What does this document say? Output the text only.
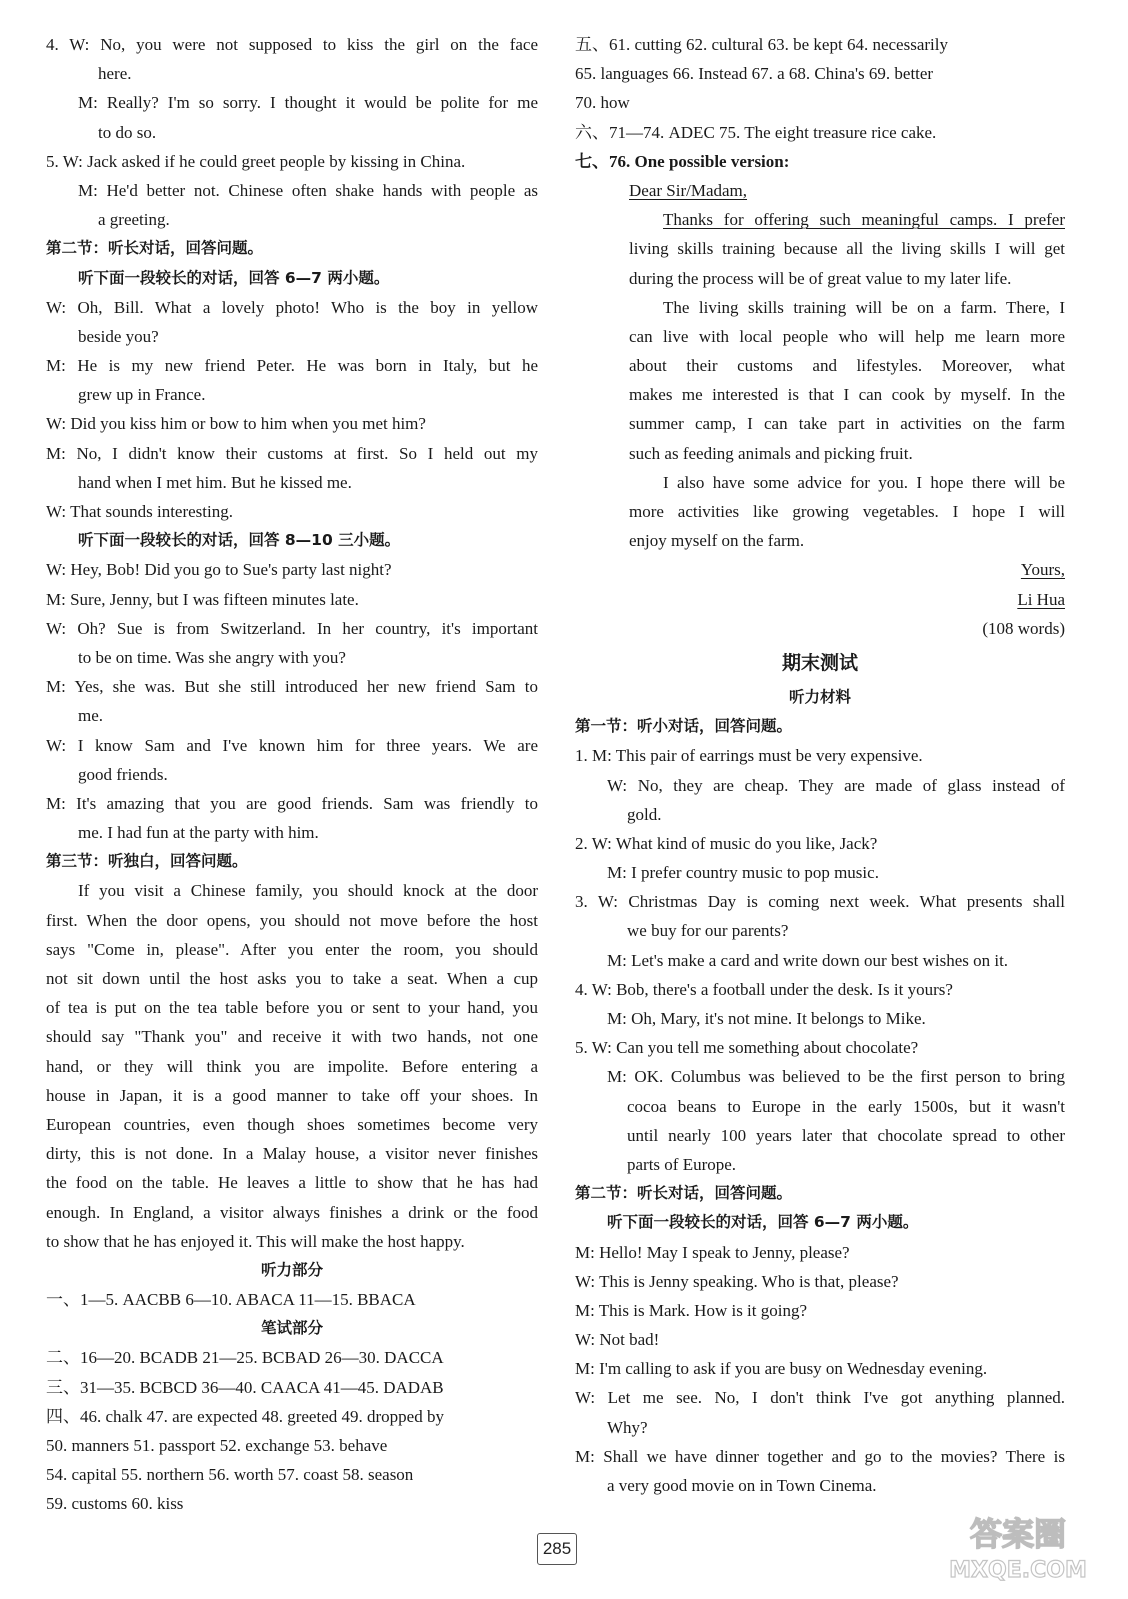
4. W: No, you were not supposed to kiss the girl on the face
here.
M: Really? I'm so sorry. I thought it would be polite for me
to do so.
5. W: Jack asked if he could greet people by kissing in China.
M: He'd better not. Chinese often shake hands with people as
a greeting.
第二节：听长对话，回答问题。
听下面一段较长的对话，回答 6—7 两小题。
W: Oh, Bill. What a lovely photo! Who is the boy in yellow
beside you?
M: He is my new friend Peter. He was born in Italy, but he
grew up in France.
W: Did you kiss him or bow to him when you met him?
M: No, I didn't know their customs at first. So I held out my
hand when I met him. But he kissed me.
W: That sounds interesting.
听下面一段较长的对话，回答 8—10 三小题。
W: Hey, Bob! Did you go to Sue's party last night?
M: Sure, Jenny, but I was fifteen minutes late.
W: Oh? Sue is from Switzerland. In her country, it's important
to be on time. Was she angry with you?
M: Yes, she was. But she still introduced her new friend Sam to
me.
W: I know Sam and I've known him for three years. We are
good friends.
M: It's amazing that you are good friends. Sam was friendly to
me. I had fun at the party with him.
第三节：听独白，回答问题。
If you visit a Chinese family, you should knock at the door
first. When the door opens, you should not move before the host
says "Come in, please". After you enter the room, you should
not sit down until the host asks you to take a seat. When a cup
of tea is put on the tea table before you or sent to your hand, you
should say "Thank you" and receive it with two hands, not one
hand, or they will think you are impolite. Before entering a
house in Japan, it is a good manner to take off your shoes. In
European countries, even though shoes sometimes become very
dirty, this is not done. In a Malay house, a visitor never finishes
the food on the table. He leaves a little to show that he has had
enough. In England, a visitor always finishes a drink or the food
to show that he has enjoyed it. This will make the host happy.
听力部分
一、1—5. AACBB 6—10. ABACA 11—15. BBACA
笔试部分
二、16—20. BCADB 21—25. BCBAD 26—30. DACCA
三、31—35. BCBCD 36—40. CAACA 41—45. DADAB
四、46. chalk 47. are expected 48. greeted 49. dropped by
50. manners 51. passport 52. exchange 53. behave
54. capital 55. northern 56. worth 57. coast 58. season
59. customs 60. kiss
五、61. cutting 62. cultural 63. be kept 64. necessarily
65. languages 66. Instead 67. a 68. China's 69. better
70. how
六、71—74. ADEC 75. The eight treasure rice cake.
七、76. One possible version:
Dear Sir/Madam,
Thanks for offering such meaningful camps. I prefer
living skills training because all the living skills I will get
during the process will be of great value to my later life.
The living skills training will be on a farm. There, I
can live with local people who will help me learn more
about their customs and lifestyles. Moreover, what
makes me interested is that I can cook by myself. In the
summer camp, I can take part in activities on the farm
such as feeding animals and picking fruit.
I also have some advice for you. I hope there will be
more activities like growing vegetables. I hope I will
enjoy myself on the farm.
Yours,
Li Hua
(108 words)
期末测试
听力材料
第一节：听小对话，回答问题。
1. M: This pair of earrings must be very expensive.
W: No, they are cheap. They are made of glass instead of
gold.
2. W: What kind of music do you like, Jack?
M: I prefer country music to pop music.
3. W: Christmas Day is coming next week. What presents shall
we buy for our parents?
M: Let's make a card and write down our best wishes on it.
4. W: Bob, there's a football under the desk. Is it yours?
M: Oh, Mary, it's not mine. It belongs to Mike.
5. W: Can you tell me something about chocolate?
M: OK. Columbus was believed to be the first person to bring
cocoa beans to Europe in the early 1500s, but it wasn't
until nearly 100 years later that chocolate spread to other
parts of Europe.
第二节：听长对话，回答问题。
听下面一段较长的对话，回答 6—7 两小题。
M: Hello! May I speak to Jenny, please?
W: This is Jenny speaking. Who is that, please?
M: This is Mark. How is it going?
W: Not bad!
M: I'm calling to ask if you are busy on Wednesday evening.
W: Let me see. No, I don't think I've got anything planned.
Why?
M: Shall we have dinner together and go to the movies? There is
a very good movie on in Town Cinema.
285	答案圈
MXQE.COM
